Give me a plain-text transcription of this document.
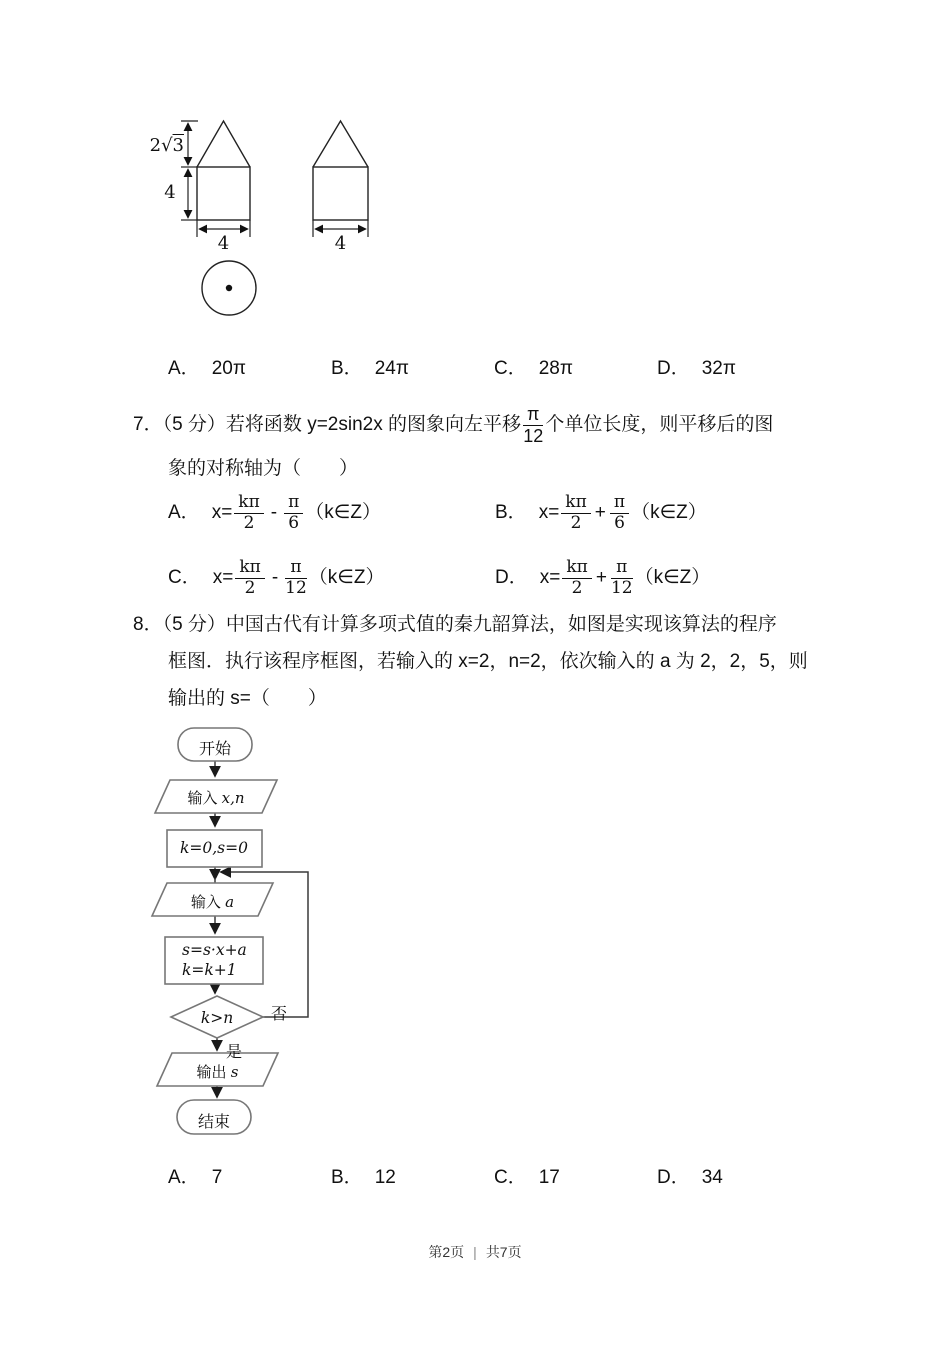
2√3
4
4	4
A． 20π	B． 24π	C． 28π	D． 32π
7．（5 分）若将函数 y=2sin2x 的图象向左平移 $\frac{\pi}{12}$ 个单位长度，则平移后的图
象的对称轴为（　　）
A． $x= \frac{k\pi}{2} - \frac{\pi}{6}$ （k∈Z）	B． $x= \frac{k\pi}{2} + \frac{\pi}{6}$ （k∈Z）
C． $x= \frac{k\pi}{2} - \frac{\pi}{12}$ （k∈Z）	D． $x= \frac{k\pi}{2} + \frac{\pi}{12}$ （k∈Z）
8．（5 分）中国古代有计算多项式值的秦九韶算法，如图是实现该算法的程序
框图．执行该程序框图，若输入的 x=2，n=2，依次输入的 a 为 2，2，5，则
输出的 s=（　　）
开始
输入 x,n
k=0,s=0
输入 a
s=s·x+a
k=k+1
k>n	否
是
输出 s
结束
A． 7	B． 12	C． 17	D． 34
第2页 | 共7页
